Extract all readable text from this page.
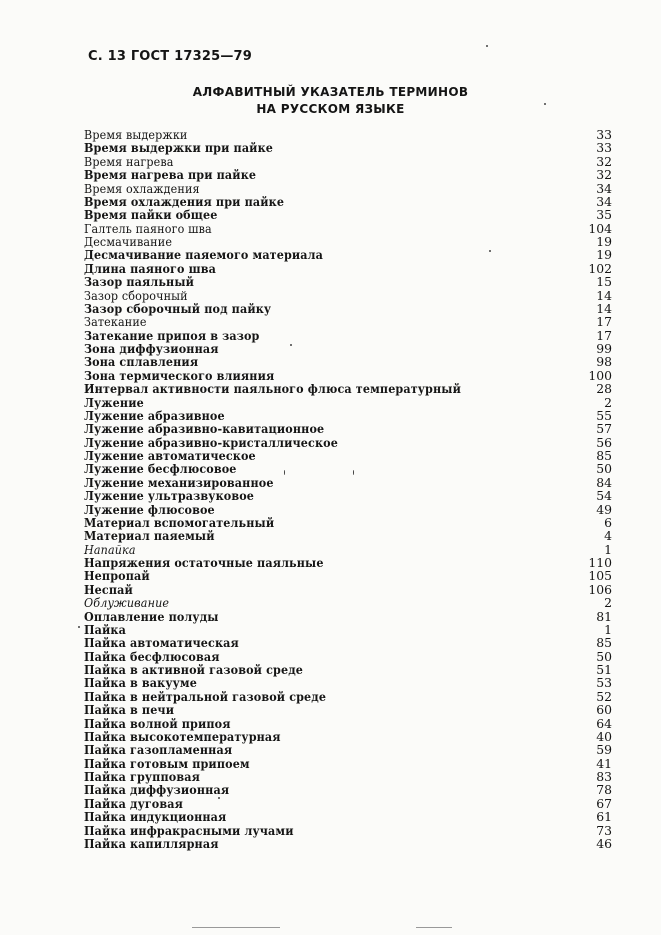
С. 13 ГОСТ 17325—79
АЛФАВИТНЫЙ УКАЗАТЕЛЬ ТЕРМИНОВ
НА РУССКОМ ЯЗЫКЕ
Время выдержки	33
Время выдержки при пайке	33
Время нагрева	32
Время нагрева при пайке	32
Время охлаждения	34
Время охлаждения при пайке	34
Время пайки общее	35
Галтель паяного шва	104
Десмачивание	19
Десмачивание паяемого материала	19
Длина паяного шва	102
Зазор паяльный	15
Зазор сборочный	14
Зазор сборочный под пайку	14
Затекание	17
Затекание припоя в зазор	17
Зона диффузионная	99
Зона сплавления	98
Зона термического влияния	100
Интервал активности паяльного флюса температурный	28
Лужение	2
Лужение абразивное	55
Лужение абразивно-кавитационное	57
Лужение абразивно-кристаллическое	56
Лужение автоматическое	85
Лужение бесфлюсовое	50
Лужение механизированное	84
Лужение ультразвуковое	54
Лужение флюсовое	49
Материал вспомогательный	6
Материал паяемый	4
Напайка	1
Напряжения остаточные паяльные	110
Непропай	105
Неспай	106
Облуживание	2
Оплавление полуды	81
Пайка	1
Пайка автоматическая	85
Пайка бесфлюсовая	50
Пайка в активной газовой среде	51
Пайка в вакууме	53
Пайка в нейтральной газовой среде	52
Пайка в печи	60
Пайка волной припоя	64
Пайка высокотемпературная	40
Пайка газопламенная	59
Пайка готовым припоем	41
Пайка групповая	83
Пайка диффузионная	78
Пайка дуговая	67
Пайка индукционная	61
Пайка инфракрасными лучами	73
Пайка капиллярная	46
